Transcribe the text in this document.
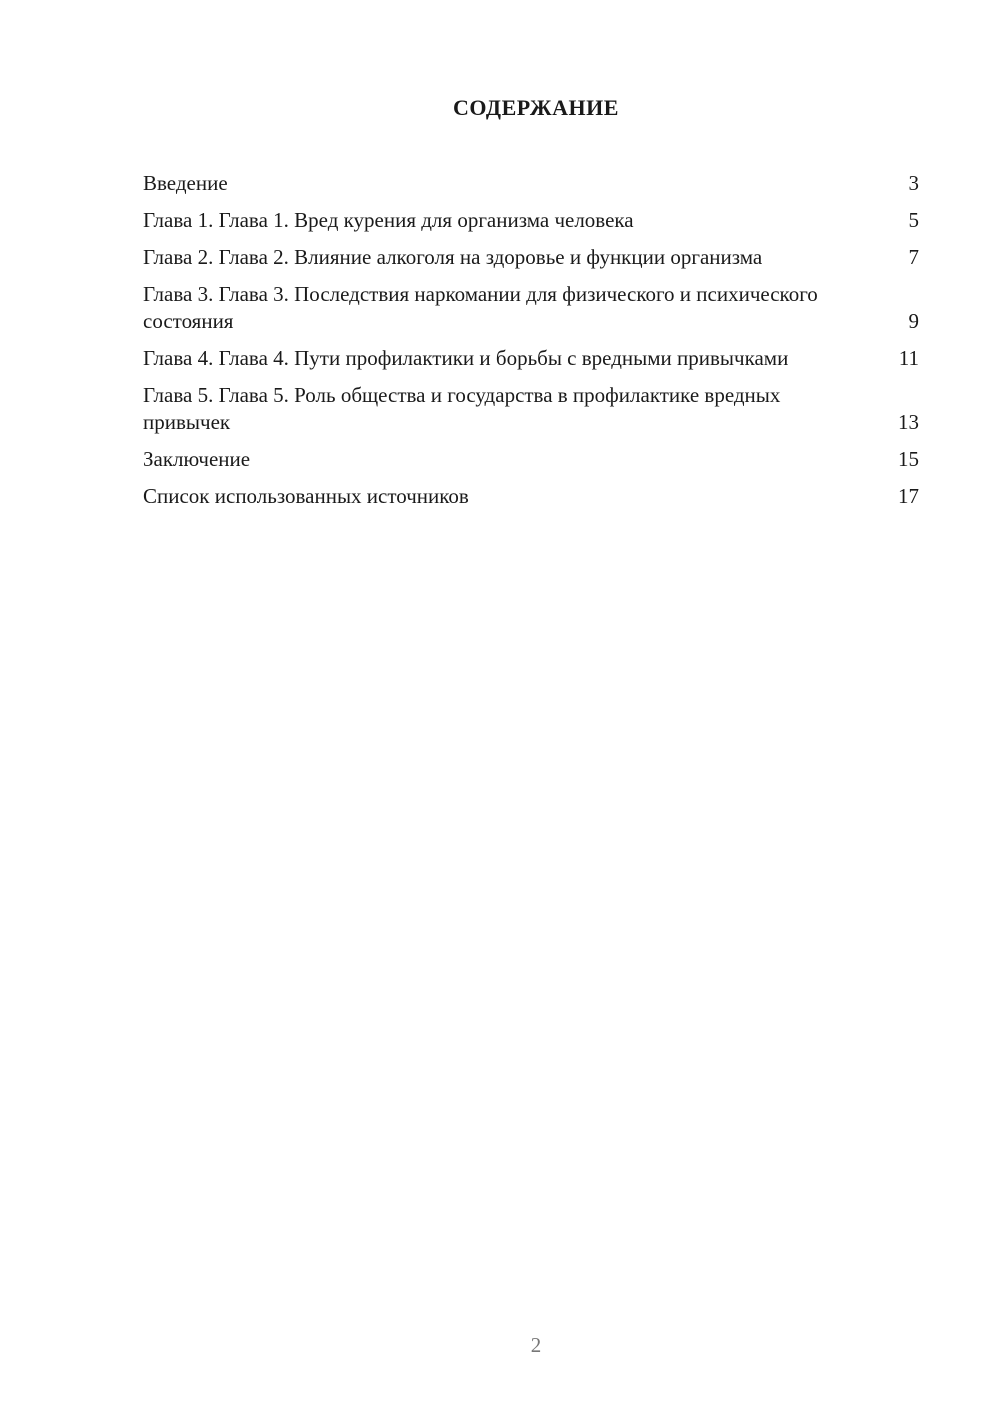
СОДЕРЖАНИЕ
Введение	3
Глава 1. Глава 1. Вред курения для организма человека	5
Глава 2. Глава 2. Влияние алкоголя на здоровье и функции организма	7
Глава 3. Глава 3. Последствия наркомании для физического и психического состояния	9
Глава 4. Глава 4. Пути профилактики и борьбы с вредными привычками	11
Глава 5. Глава 5. Роль общества и государства в профилактике вредных привычек	13
Заключение	15
Список использованных источников	17
2
